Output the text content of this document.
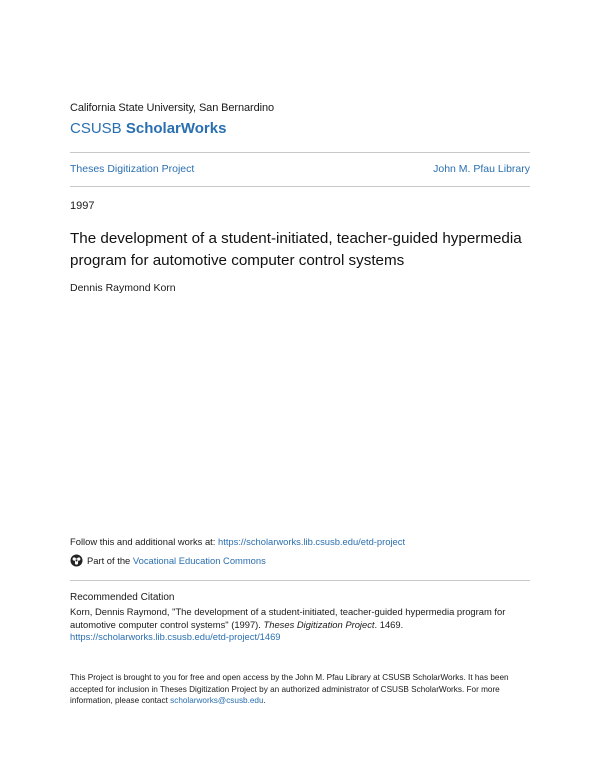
California State University, San Bernardino
CSUSB ScholarWorks
Theses Digitization Project	John M. Pfau Library
1997
The development of a student-initiated, teacher-guided hypermedia program for automotive computer control systems
Dennis Raymond Korn
Follow this and additional works at: https://scholarworks.lib.csusb.edu/etd-project
Part of the
Vocational Education Commons
Recommended Citation
Korn, Dennis Raymond, "The development of a student-initiated, teacher-guided hypermedia program for automotive computer control systems" (1997). Theses Digitization Project. 1469.
https://scholarworks.lib.csusb.edu/etd-project/1469
This Project is brought to you for free and open access by the John M. Pfau Library at CSUSB ScholarWorks. It has been accepted for inclusion in Theses Digitization Project by an authorized administrator of CSUSB ScholarWorks. For more information, please contact scholarworks@csusb.edu.
